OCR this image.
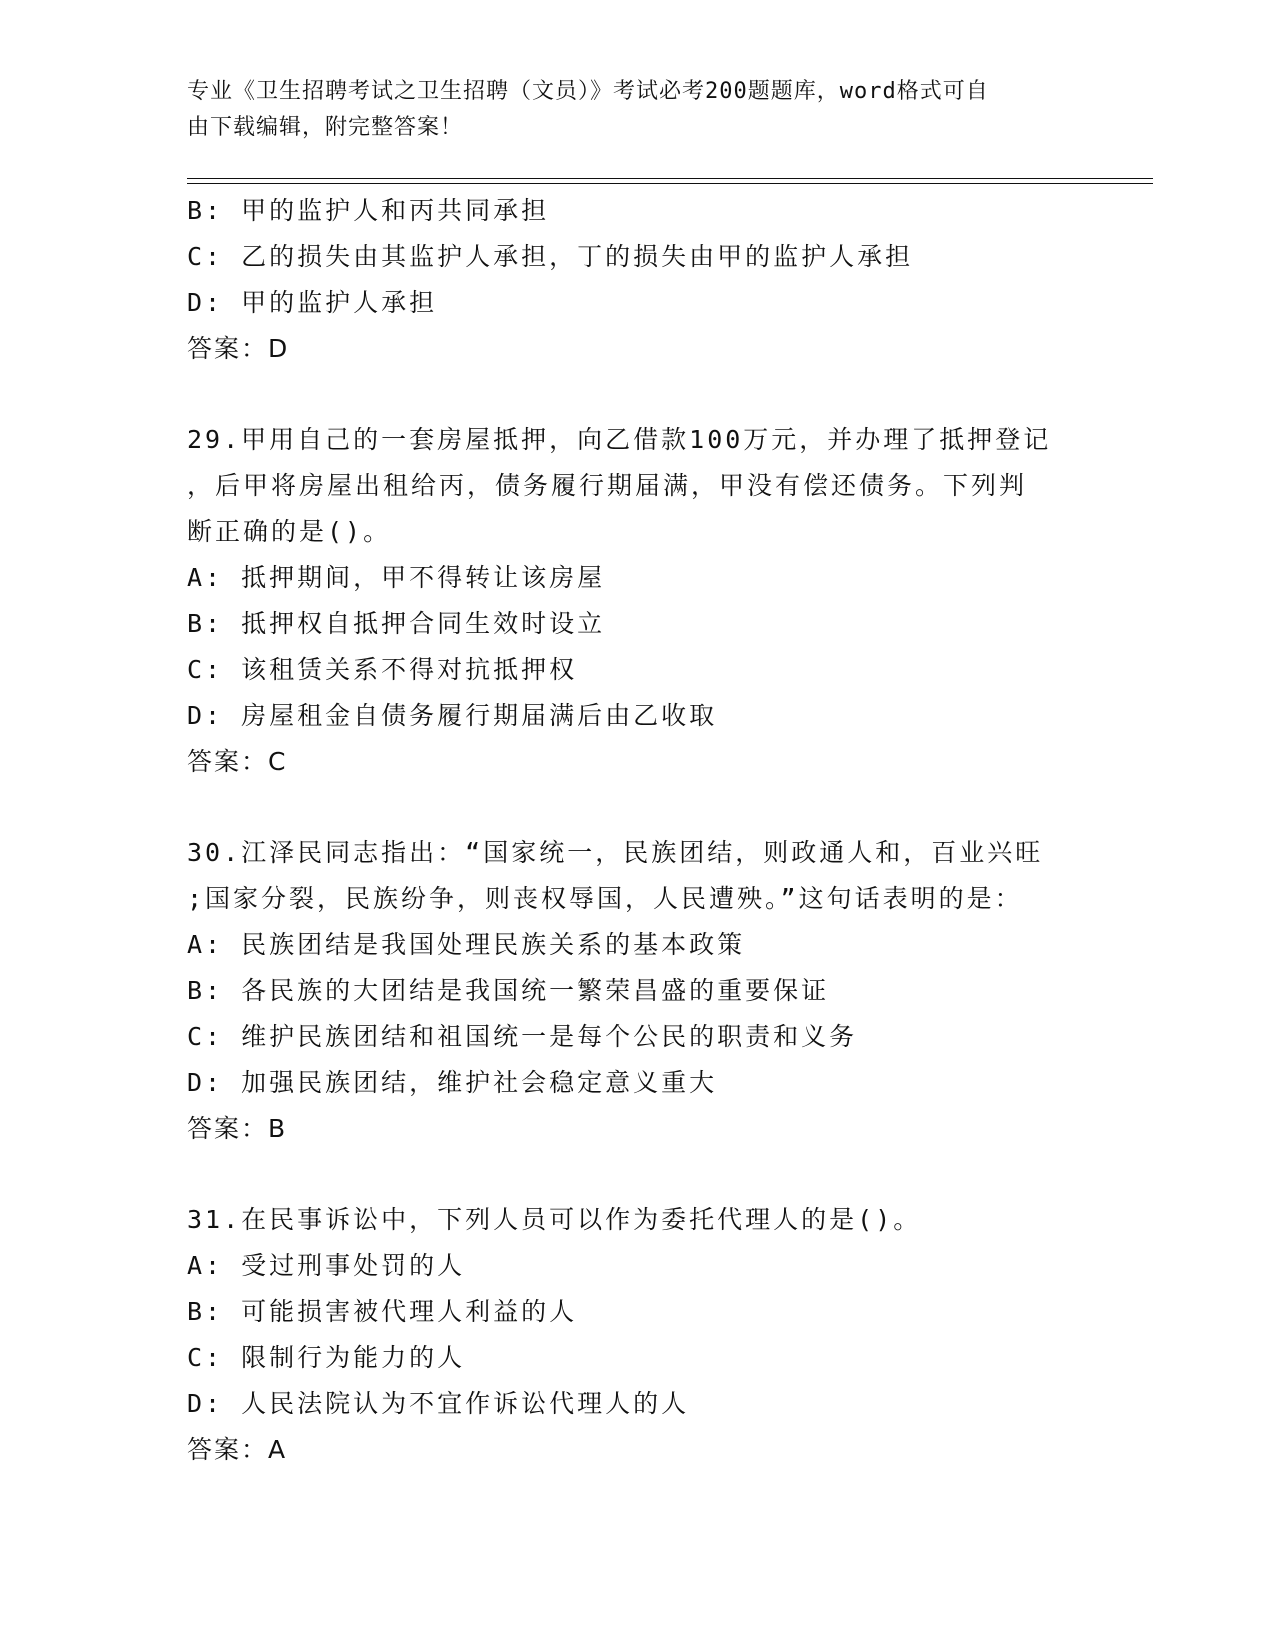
专业《卫生招聘考试之卫生招聘（文员）》考试必考200题题库，word格式可自
由下载编辑，附完整答案！
B: 甲的监护人和丙共同承担
C: 乙的损失由其监护人承担，丁的损失由甲的监护人承担
D: 甲的监护人承担
答案：D
29.甲用自己的一套房屋抵押，向乙借款100万元，并办理了抵押登记
，后甲将房屋出租给丙，债务履行期届满，甲没有偿还债务。下列判
断正确的是()。
A: 抵押期间，甲不得转让该房屋
B: 抵押权自抵押合同生效时设立
C: 该租赁关系不得对抗抵押权
D: 房屋租金自债务履行期届满后由乙收取
答案：C
30.江泽民同志指出：“国家统一，民族团结，则政通人和，百业兴旺
;国家分裂，民族纷争，则丧权辱国，人民遭殃。”这句话表明的是：
A: 民族团结是我国处理民族关系的基本政策
B: 各民族的大团结是我国统一繁荣昌盛的重要保证
C: 维护民族团结和祖国统一是每个公民的职责和义务
D: 加强民族团结，维护社会稳定意义重大
答案：B
31.在民事诉讼中，下列人员可以作为委托代理人的是()。
A: 受过刑事处罚的人
B: 可能损害被代理人利益的人
C: 限制行为能力的人
D: 人民法院认为不宜作诉讼代理人的人
答案：A
